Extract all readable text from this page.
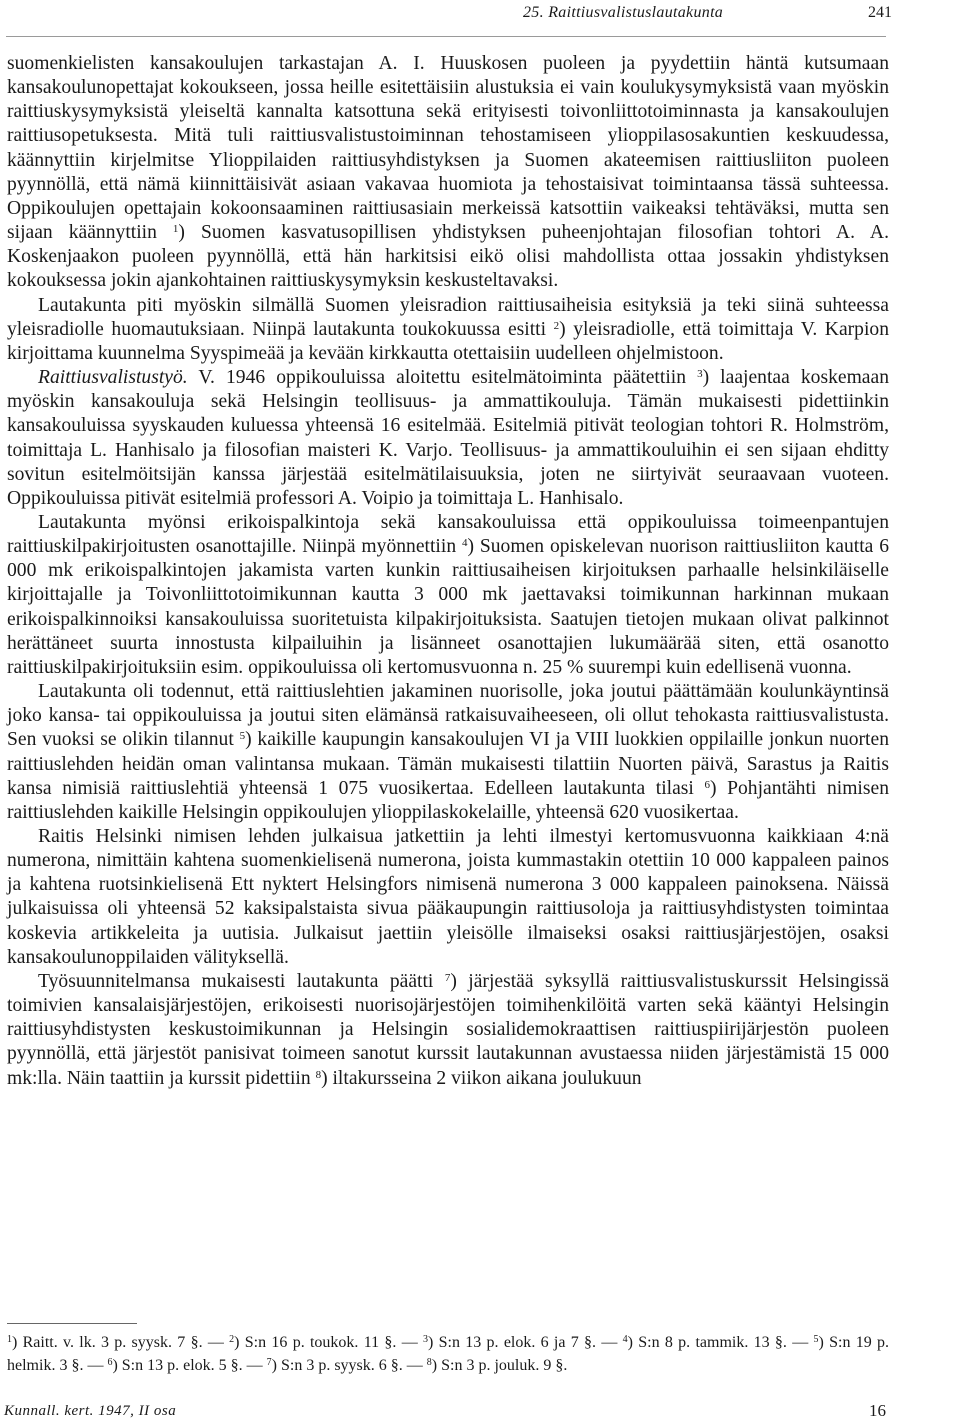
25. Raittiusvalistuslautakunta	241

suomenkielisten kansakoulujen tarkastajan A. I. Huuskosen puoleen ja pyydettiin häntä kutsumaan kansakoulunopettajat kokoukseen, jossa heille esitettäisiin alustuksia ei vain koulukysymyksistä vaan myöskin raittiuskysymyksistä yleiseltä kannalta katsottuna sekä erityisesti toivonliittotoiminnasta ja kansakoulujen raittiusopetuksesta. Mitä tuli raittiusvalistustoiminnan tehostamiseen ylioppilasosakuntien keskuudessa, käännyttiin kirjelmitse Ylioppilaiden raittiusyhdistyksen ja Suomen akateemisen raittiusliiton puoleen pyynnöllä, että nämä kiinnittäisivät asiaan vakavaa huomiota ja tehostaisivat toimintaansa tässä suhteessa. Oppikoulujen opettajain kokoonsaaminen raittiusasiain merkeissä katsottiin vaikeaksi tehtäväksi, mutta sen sijaan käännyttiin $^1$) Suomen kasvatusopillisen yhdistyksen puheenjohtajan filosofian tohtori A. A. Koskenjaakon puoleen pyynnöllä, että hän harkitsisi eikö olisi mahdollista ottaa jossakin yhdistyksen kokouksessa jokin ajankohtainen raittiuskysymyksin keskusteltavaksi.

Lautakunta piti myöskin silmällä Suomen yleisradion raittiusaiheisia esityksiä ja teki siinä suhteessa yleisradiolle huomautuksiaan. Niinpä lautakunta toukokuussa esitti $^2$) yleisradiolle, että toimittaja V. Karpion kirjoittama kuunnelma Syyspimeää ja kevään kirkkautta otettaisiin uudelleen ohjelmistoon.

Raittiusvalistustyö. V. 1946 oppikouluissa aloitettu esitelmätoiminta päätettiin $^3$) laajentaa koskemaan myöskin kansakouluja sekä Helsingin teollisuus- ja ammattikouluja. Tämän mukaisesti pidettiinkin kansakouluissa syyskauden kuluessa yhteensä 16 esitelmää. Esitelmiä pitivät teologian tohtori R. Holmström, toimittaja L. Hanhisalo ja filosofian maisteri K. Varjo. Teollisuus- ja ammattikouluihin ei sen sijaan ehditty sovitun esitelmöitsijän kanssa järjestää esitelmätilaisuuksia, joten ne siirtyivät seuraavaan vuoteen. Oppikouluissa pitivät esitelmiä professori A. Voipio ja toimittaja L. Hanhisalo.

Lautakunta myönsi erikoispalkintoja sekä kansakouluissa että oppikouluissa toimeenpantujen raittiuskilpakirjoitusten osanottajille. Niinpä myönnettiin $^4$) Suomen opiskelevan nuorison raittiusliiton kautta 6 000 mk erikoispalkintojen jakamista varten kunkin raittiusaiheisen kirjoituksen parhaalle helsinkiläiselle kirjoittajalle ja Toivonliittotoimikunnan kautta 3 000 mk jaettavaksi toimikunnan harkinnan mukaan erikoispalkinnoiksi kansakouluissa suoritetuista kilpakirjoituksista. Saatujen tietojen mukaan olivat palkinnot herättäneet suurta innostusta kilpailuihin ja lisänneet osanottajien lukumäärää siten, että osanotto raittiuskilpakirjoituksiin esim. oppikouluissa oli kertomusvuonna n. 25 % suurempi kuin edellisenä vuonna.

Lautakunta oli todennut, että raittiuslehtien jakaminen nuorisolle, joka joutui päättämään koulunkäyntinsä joko kansa- tai oppikouluissa ja joutui siten elämänsä ratkaisuvaiheeseen, oli ollut tehokasta raittiusvalistusta. Sen vuoksi se olikin tilannut $^5$) kaikille kaupungin kansakoulujen VI ja VIII luokkien oppilaille jonkun nuorten raittiuslehden heidän oman valintansa mukaan. Tämän mukaisesti tilattiin Nuorten päivä, Sarastus ja Raitis kansa nimisiä raittiuslehtiä yhteensä 1 075 vuosikertaa. Edelleen lautakunta tilasi $^6$) Pohjantähti nimisen raittiuslehden kaikille Helsingin oppikoulujen ylioppilaskokelaille, yhteensä 620 vuosikertaa.

Raitis Helsinki nimisen lehden julkaisua jatkettiin ja lehti ilmestyi kertomusvuonna kaikkiaan 4:nä numerona, nimittäin kahtena suomenkielisenä numerona, joista kummastakin otettiin 10 000 kappaleen painos ja kahtena ruotsinkielisenä Ett nyktert Helsingfors nimisenä numerona 3 000 kappaleen painoksena. Näissä julkaisuissa oli yhteensä 52 kaksipalstaista sivua pääkaupungin raittiusoloja ja raittiusyhdistysten toimintaa koskevia artikkeleita ja uutisia. Julkaisut jaettiin yleisölle ilmaiseksi osaksi raittiusjärjestöjen, osaksi kansakoulunoppilaiden välityksellä.

Työsuunnitelmansa mukaisesti lautakunta päätti $^7$) järjestää syksyllä raittiusvalistuskurssit Helsingissä toimivien kansalaisjärjestöjen, erikoisesti nuorisojärjestöjen toimihenkilöitä varten sekä kääntyi Helsingin raittiusyhdistysten keskustoimikunnan ja Helsingin sosialidemokraattisen raittiuspiirijärjestön puoleen pyynnöllä, että järjestöt panisivat toimeen sanotut kurssit lautakunnan avustaessa niiden järjestämistä 15 000 mk:lla. Näin taattiin ja kurssit pidettiin $^8$) iltakursseina 2 viikon aikana joulukuun

$^1$) Raitt. v. lk. 3 p. syysk. 7 §. — $^2$) S:n 16 p. toukok. 11 §. — $^3$) S:n 13 p. elok. 6 ja 7 §. — $^4$) S:n 8 p. tammik. 13 §. — $^5$) S:n 19 p. helmik. 3 §. — $^6$) S:n 13 p. elok. 5 §. — $^7$) S:n 3 p. syysk. 6 §. — $^8$) S:n 3 p. jouluk. 9 §.
Kunnall. kert. 1947, II osa	16
